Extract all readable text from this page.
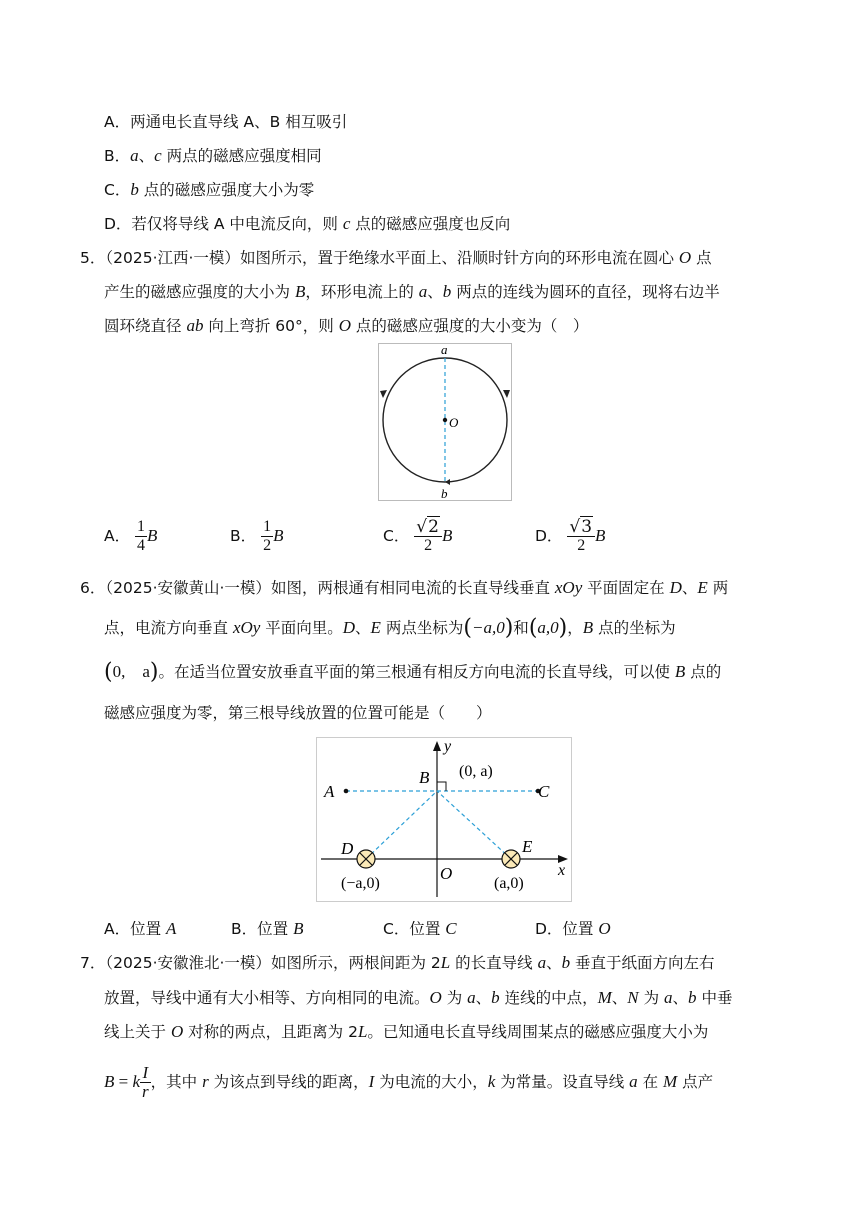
A．两通电长直导线 A、B 相互吸引
B．a、c 两点的磁感应强度相同
C．b 点的磁感应强度大小为零
D．若仅将导线 A 中电流反向，则 c 点的磁感应强度也反向
5．（2025·江西·一模）如图所示，置于绝缘水平面上、沿顺时针方向的环形电流在圆心 O 点
产生的磁感应强度的大小为 B，环形电流上的 a、b 两点的连线为圆环的直径，现将右边半
圆环绕直径 ab 向上弯折 60°，则 O 点的磁感应强度的大小变为（　）
a
b
O
A． $\frac{1}{4}$ B	B． $\frac{1}{2}$ B	C． $\frac{√2}{2}$ B	D． $\frac{√3}{2}$ B
6．（2025·安徽黄山·一模）如图，两根通有相同电流的长直导线垂直 xOy 平面固定在 D、E 两
点，电流方向垂直 xOy 平面向里。D、E 两点坐标为(−a,0)和(a,0)，B 点的坐标为
(0,　a)。在适当位置安放垂直平面的第三根通有相反方向电流的长直导线，可以使 B 点的
磁感应强度为零，第三根导线放置的位置可能是（　　）
y
x
A
B (0, a)
C
D	E
O
(−a,0)	(a,0)
A．位置 A	B．位置 B	C．位置 C	D．位置 O
7．（2025·安徽淮北·一模）如图所示，两根间距为 2L 的长直导线 a、b 垂直于纸面方向左右
放置，导线中通有大小相等、方向相同的电流。O 为 a、b 连线的中点，M、N 为 a、b 中垂
线上关于 O 对称的两点，且距离为 2L。已知通电长直导线周围某点的磁感应强度大小为
B = k $\frac{I}{r}$ ，其中 r 为该点到导线的距离，I 为电流的大小，k 为常量。设直导线 a 在 M 点产
